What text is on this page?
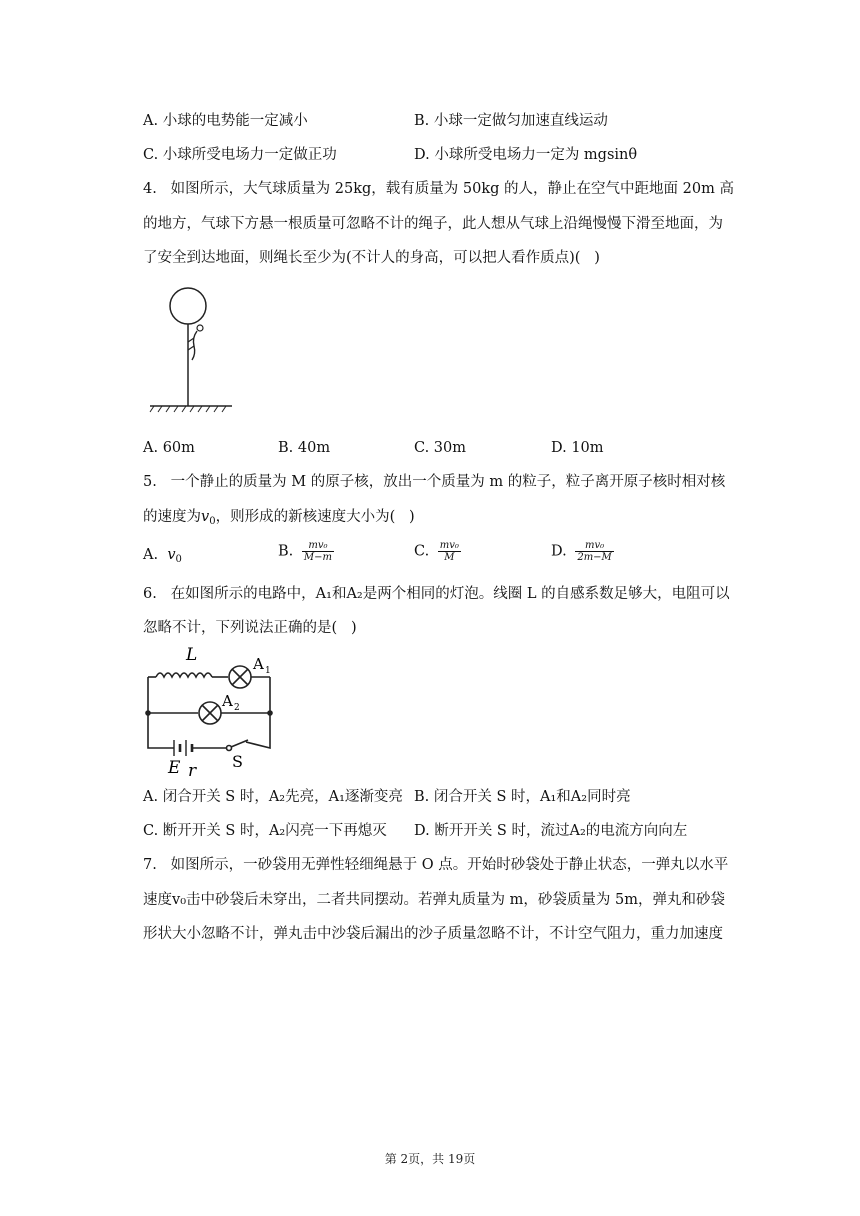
A. 小球的电势能一定减小	B. 小球一定做匀加速直线运动
C. 小球所受电场力一定做正功	D. 小球所受电场力一定为 mgsinθ
4.   如图所示，大气球质量为 25kg，载有质量为 50kg 的人，静止在空气中距地面 20m 高
的地方，气球下方悬一根质量可忽略不计的绳子，此人想从气球上沿绳慢慢下滑至地面，为
了安全到达地面，则绳长至少为(不计人的身高，可以把人看作质点)(   )
A. 60m	B. 40m	C. 30m	D. 10m
5.   一个静止的质量为 M 的原子核，放出一个质量为 m 的粒子，粒子离开原子核时相对核
的速度为$v_0$，则形成的新核速度大小为(   )
A. $v_0$	B. $\frac{\text{mv₀}}{M-m}$	C. $\frac{\text{mv₀}}{M}$	D. $\frac{\text{mv₀}}{2m-M}$
6.   在如图所示的电路中，A₁和A₂是两个相同的灯泡。线圈 L 的自感系数足够大，电阻可以
忽略不计，下列说法正确的是(   )
L	A 1
A 2
E r S
A. 闭合开关 S 时，A₂先亮，A₁逐渐变亮 B. 闭合开关 S 时，A₁和A₂同时亮
C. 断开开关 S 时，A₂闪亮一下再熄灭 D. 断开开关 S 时，流过A₂的电流方向向左
7.   如图所示，一砂袋用无弹性轻细绳悬于 O 点。开始时砂袋处于静止状态，一弹丸以水平
速度v₀击中砂袋后未穿出，二者共同摆动。若弹丸质量为 m，砂袋质量为 5m，弹丸和砂袋
形状大小忽略不计，弹丸击中沙袋后漏出的沙子质量忽略不计，不计空气阻力，重力加速度
第 2页，共 19页
